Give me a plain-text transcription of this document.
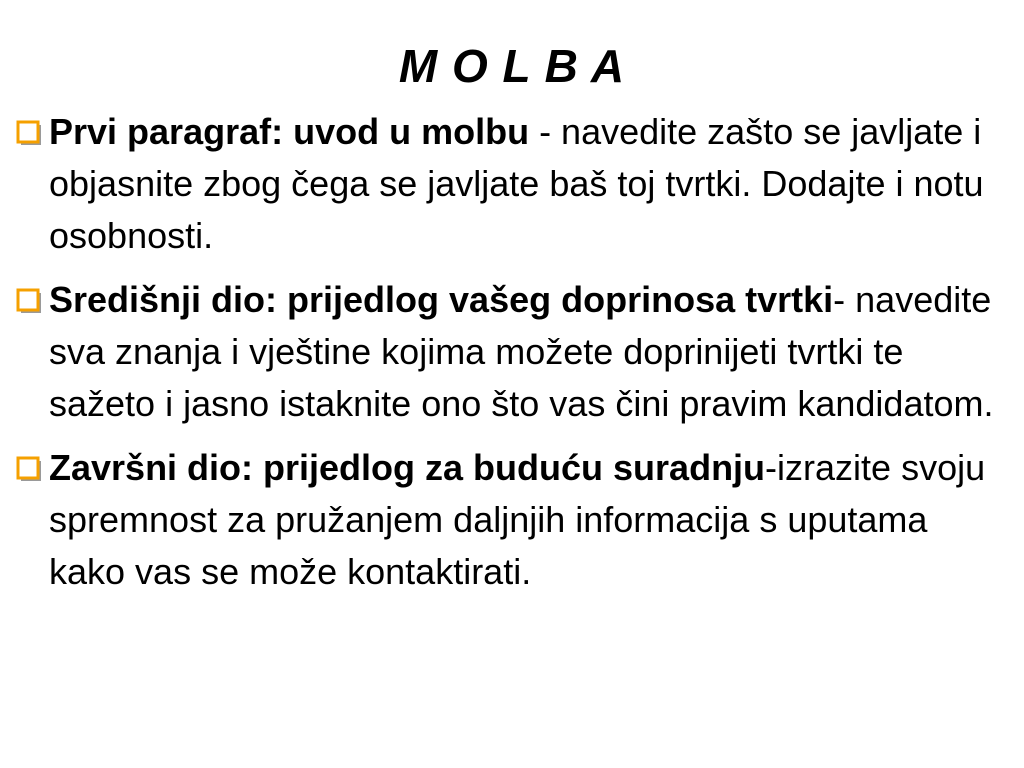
M O L B A
Prvi paragraf: uvod u molbu - navedite zašto se javljate i objasnite zbog čega se javljate baš toj tvrtki. Dodajte i notu osobnosti.
Središnji dio: prijedlog vašeg doprinosa tvrtki- navedite sva znanja i vještine kojima možete doprinijeti tvrtki te sažeto i jasno istaknite ono što vas čini pravim kandidatom.
Završni dio: prijedlog za buduću suradnju-izrazite svoju spremnost za pružanjem daljnjih informacija s uputama kako vas se može kontaktirati.
